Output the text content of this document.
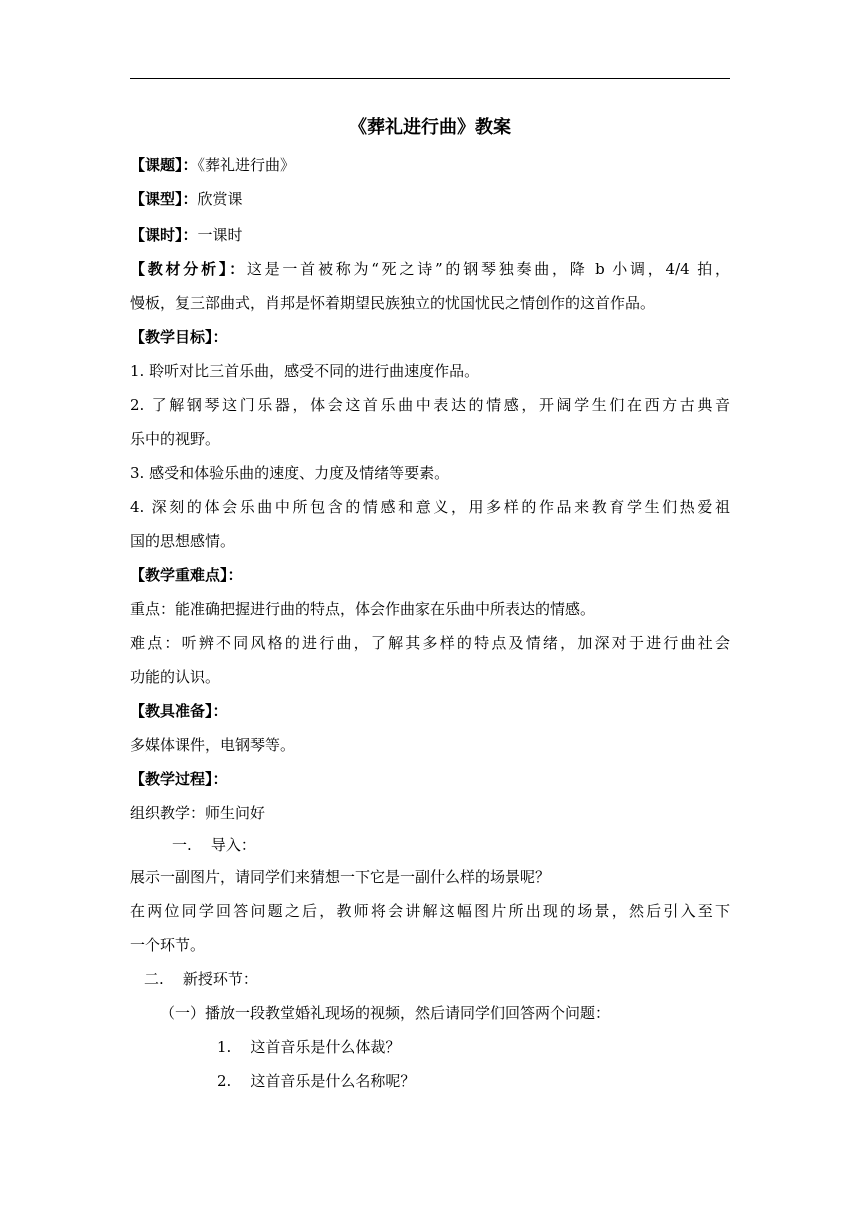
《葬礼进行曲》教案
【课题】：《葬礼进行曲》
【课型】：欣赏课
【课时】：一课时
【教材分析】：这是一首被称为“死之诗”的钢琴独奏曲，降 b 小调，4/4 拍，
慢板，复三部曲式，肖邦是怀着期望民族独立的忧国忧民之情创作的这首作品。
【教学目标】：
1. 聆听对比三首乐曲，感受不同的进行曲速度作品。
2. 了解钢琴这门乐器，体会这首乐曲中表达的情感，开阔学生们在西方古典音
乐中的视野。
3. 感受和体验乐曲的速度、力度及情绪等要素。
4. 深刻的体会乐曲中所包含的情感和意义，用多样的作品来教育学生们热爱祖
国的思想感情。
【教学重难点】：
重点：能准确把握进行曲的特点，体会作曲家在乐曲中所表达的情感。
难点：听辨不同风格的进行曲，了解其多样的特点及情绪，加深对于进行曲社会
功能的认识。
【教具准备】：
多媒体课件，电钢琴等。
【教学过程】：
组织教学：师生问好
一.    导入：
展示一副图片，请同学们来猜想一下它是一副什么样的场景呢？
在两位同学回答问题之后，教师将会讲解这幅图片所出现的场景，然后引入至下
一个环节。
二.    新授环节：
（一）播放一段教堂婚礼现场的视频，然后请同学们回答两个问题：
1.    这首音乐是什么体裁？
2.    这首音乐是什么名称呢？
